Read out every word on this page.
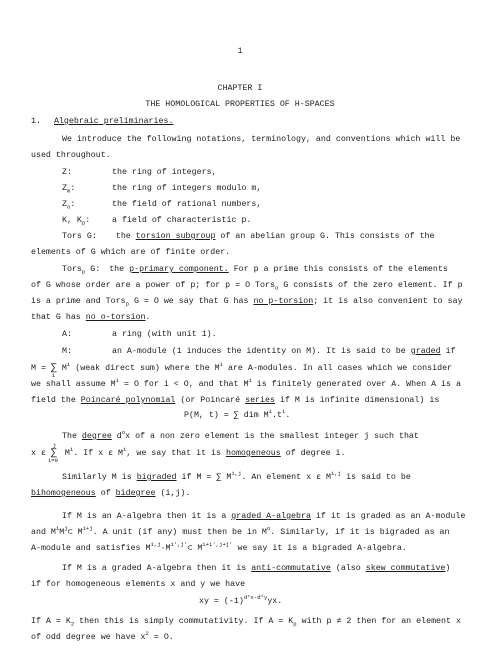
1
CHAPTER I
THE HOMOLOGICAL PROPERTIES OF H-SPACES
1. Algebraic preliminaries.
We introduce the following notations, terminology, and conventions which will be
used throughout.
Z:	the ring of integers,
$Z_m$:	the ring of integers modulo m,
$Z_o$:	the field of rational numbers,
K, $K_p$:	a field of characteristic p.
Tors G: the torsion subgroup of an abelian group G. This consists of the
elements of G which are of finite order.
Tors$_p$ G: the p-primary component. For p a prime this consists of the elements
of G whose order are a power of p; for p = O Tors$_o$ G consists of the zero element. If p
is a prime and Tors$_p$ G = O we say that G has no p-torsion; it is also convenient to say
that G has no o-torsion.
A:	a ring (with unit 1).
M:	an A-module (1 induces the identity on M). It is said to be graded if
M = ∑
i
$M^i$ (weak direct sum) where the $M^i$ are A-modules. In all cases which we consider
we shall assume $M^i = O$ for i < O, and that $M^i$ is finitely generated over A. When A is a
field the Poincaré polynomial (or Poincaré series if M is infinite dimensional) is
P(M, t) = ∑ dim $M^i.t^i$.
The degree $d^ox$ of a non zero element is the smallest integer j such that
x ε
j
∑
i=0
$M^i$. If x ε $M^i$, we say that it is homogeneous of degree i.
Similarly M is bigraded if M = ∑ M$^{i,j}$. An element x ε M$^{i,j}$ is said to be
bihomogeneous of bidegree (i,j).
If M is an A-algebra then it is a graded A-algebra if it is graded as an A-module
and $M^iM^j\subset$ $M^{i+j}$. A unit (if any) must then be in $M^o$. Similarly, if it is bigraded as an
A-module and satisfies $M^{i,j}\cdot M^{i',j'}\subset$ $M^{i+i',j+j'}$ we say it is a bigraded A-algebra.
If M is a graded A-algebra then it is anti-commutative (also skew commutative)
if for homogeneous elements x and y we have
xy = $(-1)^{d^\circ x\cdot d^\circ y}yx$.
If $A = K_2$ then this is simply commutativity. If $A = K_p$ with p ≠ 2 then for an element x
of odd degree we have $x^2 = O$.
